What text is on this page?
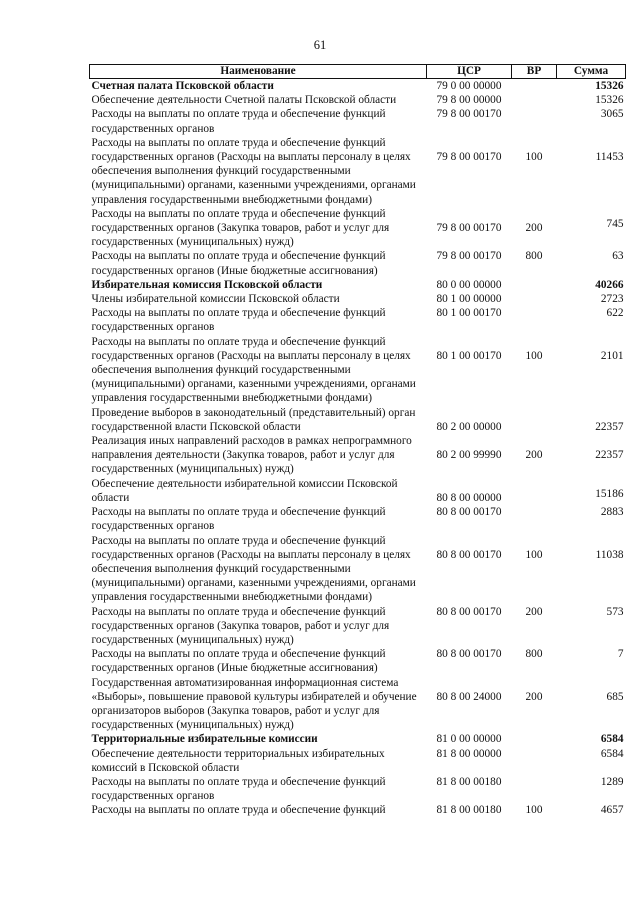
61
Наименование	ЦСР	ВР	Сумма
Счетная палата Псковской области	79 0 00 00000		15326
Обеспечение деятельности Счетной палаты Псковской области	79 8 00 00000		15326
Расходы на выплаты по оплате труда и обеспечение функций государственных органов	79 8 00 00170		3065
Расходы на выплаты по оплате труда и обеспечение функций государственных органов (Расходы на выплаты персоналу в целях обеспечения выполнения функций государственными (муниципальными) органами, казенными учреждениями, органами управления государственными внебюджетными фондами)	79 8 00 00170	100	11453
Расходы на выплаты по оплате труда и обеспечение функций государственных органов (Закупка товаров, работ и услуг для государственных (муниципальных) нужд)	79 8 00 00170	200	745
Расходы на выплаты по оплате труда и обеспечение функций государственных органов (Иные бюджетные ассигнования)	79 8 00 00170	800	63
Избирательная комиссия Псковской области	80 0 00 00000		40266
Члены избирательной комиссии Псковской области	80 1 00 00000		2723
Расходы на выплаты по оплате труда и обеспечение функций государственных органов	80 1 00 00170		622
Расходы на выплаты по оплате труда и обеспечение функций государственных органов (Расходы на выплаты персоналу в целях обеспечения выполнения функций государственными (муниципальными) органами, казенными учреждениями, органами управления государственными внебюджетными фондами)	80 1 00 00170	100	2101
Проведение выборов в законодательный (представительный) орган государственной власти Псковской области	80 2 00 00000		22357
Реализация иных направлений расходов в рамках непрограммного направления деятельности (Закупка товаров, работ и услуг для государственных (муниципальных) нужд)	80 2 00 99990	200	22357
Обеспечение деятельности избирательной комиссии Псковской области	80 8 00 00000		15186
Расходы на выплаты по оплате труда и обеспечение функций государственных органов	80 8 00 00170		2883
Расходы на выплаты по оплате труда и обеспечение функций государственных органов (Расходы на выплаты персоналу в целях обеспечения выполнения функций государственными (муниципальными) органами, казенными учреждениями, органами управления государственными внебюджетными фондами)	80 8 00 00170	100	11038
Расходы на выплаты по оплате труда и обеспечение функций государственных органов (Закупка товаров, работ и услуг для государственных (муниципальных) нужд)	80 8 00 00170	200	573
Расходы на выплаты по оплате труда и обеспечение функций государственных органов (Иные бюджетные ассигнования)	80 8 00 00170	800	7
Государственная автоматизированная информационная система «Выборы», повышение правовой культуры избирателей и обучение организаторов выборов (Закупка товаров, работ и услуг для государственных (муниципальных) нужд)	80 8 00 24000	200	685
Территориальные избирательные комиссии	81 0 00 00000		6584
Обеспечение деятельности территориальных избирательных комиссий в Псковской области	81 8 00 00000		6584
Расходы на выплаты по оплате труда и обеспечение функций государственных органов	81 8 00 00180		1289
Расходы на выплаты по оплате труда и обеспечение функций	81 8 00 00180	100	4657
